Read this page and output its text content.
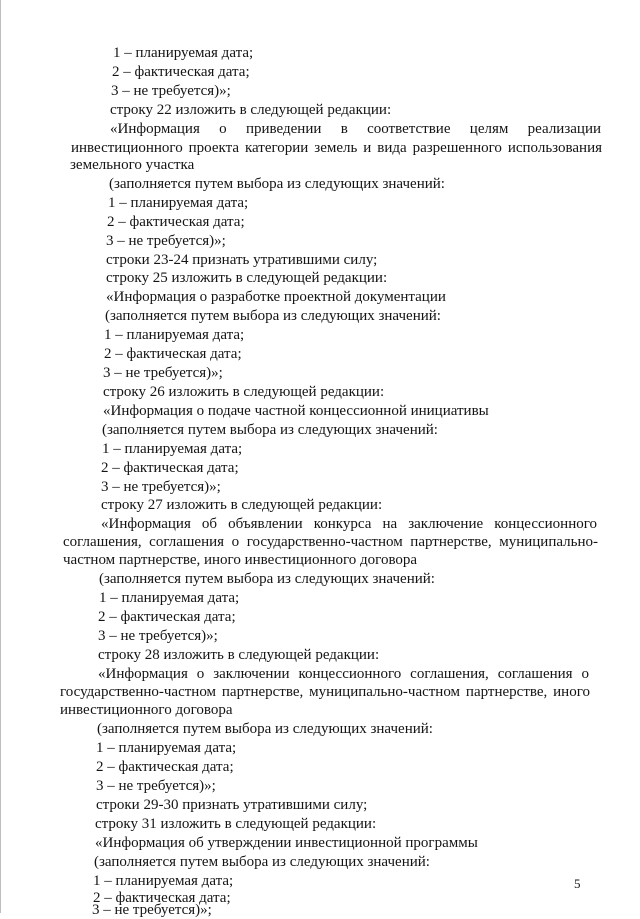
1 – планируемая дата;
2 – фактическая дата;
3 – не требуется)»;
строку 22 изложить в следующей редакции:
«Информация о приведении в соответствие целям реализации
инвестиционного проекта категории земель и вида разрешенного использования
земельного участка
(заполняется путем выбора из следующих значений:
1 – планируемая дата;
2 – фактическая дата;
3 – не требуется)»;
строки 23-24 признать утратившими силу;
строку 25 изложить в следующей редакции:
«Информация о разработке проектной документации
(заполняется путем выбора из следующих значений:
1 – планируемая дата;
2 – фактическая дата;
3 – не требуется)»;
строку 26 изложить в следующей редакции:
«Информация о подаче частной концессионной инициативы
(заполняется путем выбора из следующих значений:
1 – планируемая дата;
2 – фактическая дата;
3 – не требуется)»;
строку 27 изложить в следующей редакции:
«Информация об объявлении конкурса на заключение концессионного
соглашения, соглашения о государственно-частном партнерстве, муниципально-
частном партнерстве, иного инвестиционного договора
(заполняется путем выбора из следующих значений:
1 – планируемая дата;
2 – фактическая дата;
3 – не требуется)»;
строку 28 изложить в следующей редакции:
«Информация о заключении концессионного соглашения, соглашения о
государственно-частном партнерстве, муниципально-частном партнерстве, иного
инвестиционного договора
(заполняется путем выбора из следующих значений:
1 – планируемая дата;
2 – фактическая дата;
3 – не требуется)»;
строки 29-30 признать утратившими силу;
строку 31 изложить в следующей редакции:
«Информация об утверждении инвестиционной программы
(заполняется путем выбора из следующих значений:
1 – планируемая дата;
2 – фактическая дата;
3 – не требуется)»;
5
